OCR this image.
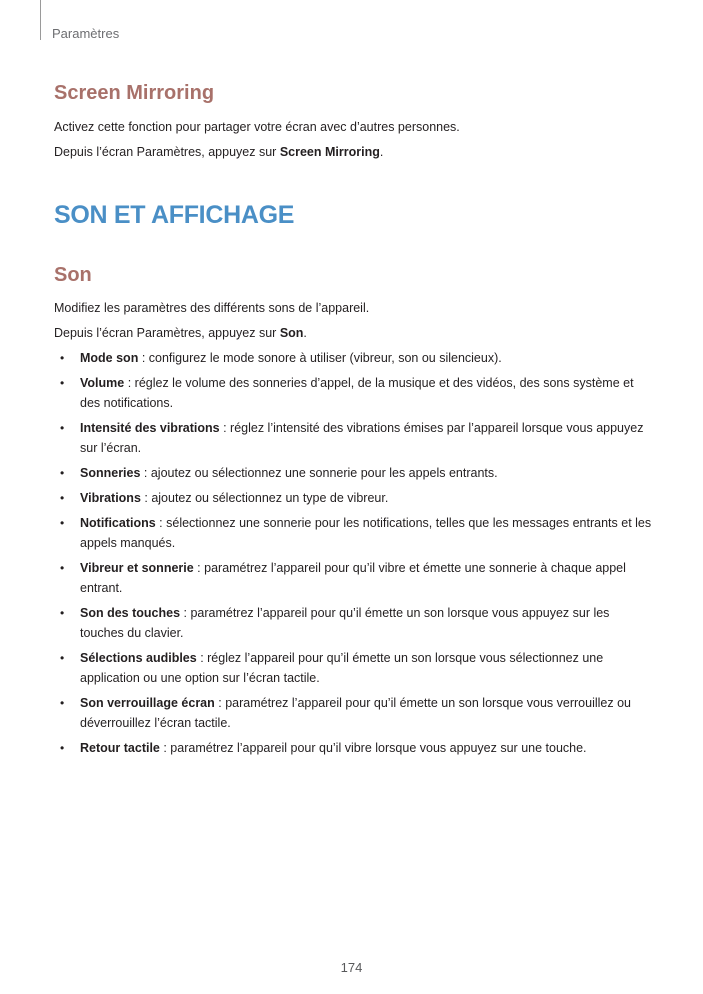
Paramètres
Screen Mirroring
Activez cette fonction pour partager votre écran avec d’autres personnes.
Depuis l’écran Paramètres, appuyez sur Screen Mirroring.
SON ET AFFICHAGE
Son
Modifiez les paramètres des différents sons de l’appareil.
Depuis l’écran Paramètres, appuyez sur Son.
• Mode son : configurez le mode sonore à utiliser (vibreur, son ou silencieux).
• Volume : réglez le volume des sonneries d’appel, de la musique et des vidéos, des sons système et des notifications.
• Intensité des vibrations : réglez l’intensité des vibrations émises par l’appareil lorsque vous appuyez sur l’écran.
• Sonneries : ajoutez ou sélectionnez une sonnerie pour les appels entrants.
• Vibrations : ajoutez ou sélectionnez un type de vibreur.
• Notifications : sélectionnez une sonnerie pour les notifications, telles que les messages entrants et les appels manqués.
• Vibreur et sonnerie : paramétrez l’appareil pour qu’il vibre et émette une sonnerie à chaque appel entrant.
• Son des touches : paramétrez l’appareil pour qu’il émette un son lorsque vous appuyez sur les touches du clavier.
• Sélections audibles : réglez l’appareil pour qu’il émette un son lorsque vous sélectionnez une application ou une option sur l’écran tactile.
• Son verrouillage écran : paramétrez l’appareil pour qu’il émette un son lorsque vous verrouillez ou déverrouillez l’écran tactile.
• Retour tactile : paramétrez l’appareil pour qu’il vibre lorsque vous appuyez sur une touche.
174
